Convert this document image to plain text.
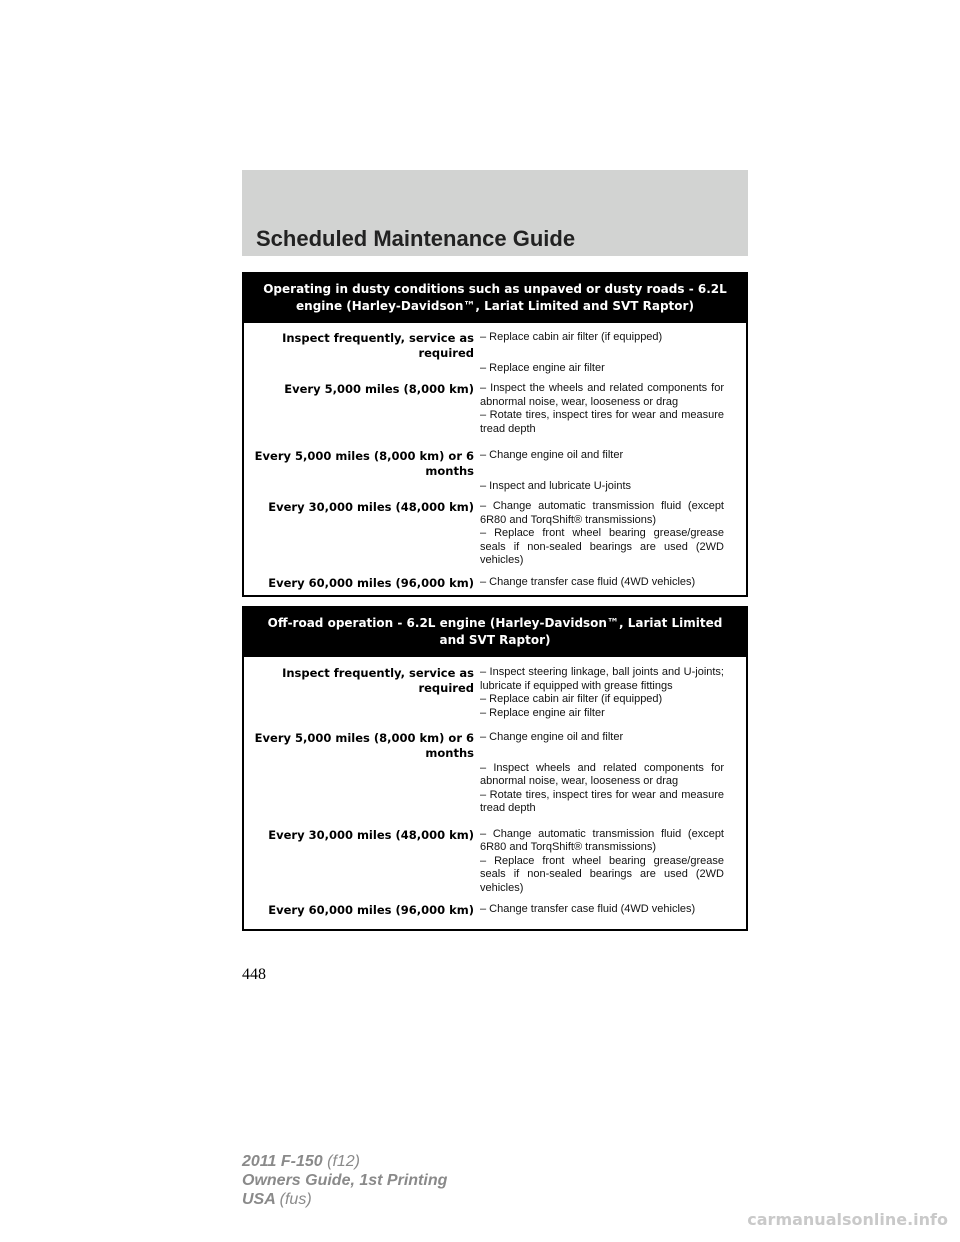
Scheduled Maintenance Guide
Operating in dusty conditions such as unpaved or dusty roads - 6.2L engine (Harley-Davidson™, Lariat Limited and SVT Raptor)
Inspect frequently, service as required
– Replace cabin air filter (if equipped)
– Replace engine air filter
Every 5,000 miles (8,000 km) – Inspect the wheels and related components for abnormal noise, wear, looseness or drag
– Rotate tires, inspect tires for wear and measure tread depth
Every 5,000 miles (8,000 km) or 6 months
– Change engine oil and filter
– Inspect and lubricate U-joints
Every 30,000 miles (48,000 km) – Change automatic transmission fluid (except 6R80 and TorqShift® transmissions)
– Replace front wheel bearing grease/grease seals if non-sealed bearings are used (2WD vehicles)
Every 60,000 miles (96,000 km) – Change transfer case fluid (4WD vehicles)
Off-road operation - 6.2L engine (Harley-Davidson™, Lariat Limited and SVT Raptor)
Inspect frequently, service as required
– Inspect steering linkage, ball joints and U-joints; lubricate if equipped with grease fittings
– Replace cabin air filter (if equipped)
– Replace engine air filter
Every 5,000 miles (8,000 km) or 6 months
– Change engine oil and filter
– Inspect wheels and related components for abnormal noise, wear, looseness or drag
– Rotate tires, inspect tires for wear and measure tread depth
Every 30,000 miles (48,000 km) – Change automatic transmission fluid (except 6R80 and TorqShift® transmissions)
– Replace front wheel bearing grease/grease seals if non-sealed bearings are used (2WD vehicles)
Every 60,000 miles (96,000 km) – Change transfer case fluid (4WD vehicles)
448
2011 F-150 (f12)
Owners Guide, 1st Printing
USA (fus)
carmanualsonline.info
